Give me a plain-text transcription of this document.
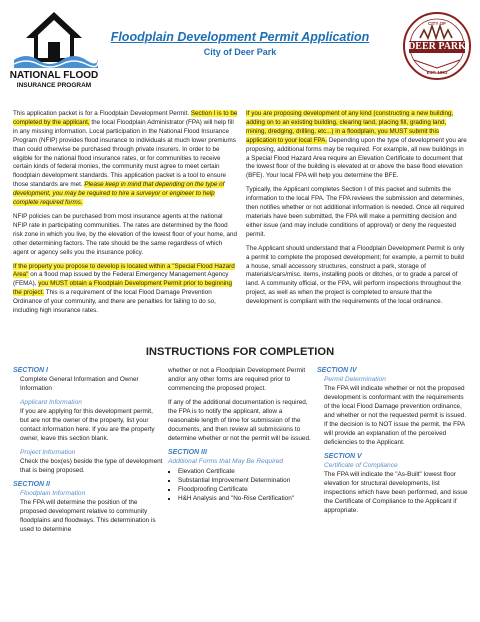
NATIONAL FLOOD
INSURANCE PROGRAM
Floodplain Development Permit Application
City of Deer Park
CITY OF
DEER PARK
EST. 1893

This application packet is for a Floodplain Development Permit. Section I is to be completed by the applicant, the local Floodplain Administrator (FPA) will help fill in any missing information. Local participation in the National Flood Insurance Program (NFIP) provides flood insurance to individuals at much lower premiums than could otherwise be purchased through private insurers. In order to be eligible for the national flood insurance rates, or for communities to receive certain kinds of federal monies, the community must agree to meet certain floodplain development standards. This application packet is a tool to ensure those standards are met. Please keep in mind that depending on the type of development, you may be required to hire a surveyor or engineer to help complete required forms.

NFIP policies can be purchased from most insurance agents at the national NFIP rate in participating communities. The rates are determined by the flood risk zone in which you live, by the elevation of the lowest floor of your home, and other determining factors. The rate should be the same regardless of which agent or agency sells you the insurance policy.

If the property you propose to develop is located within a "Special Flood Hazard Area" on a flood map issued by the Federal Emergency Management Agency (FEMA), you MUST obtain a Floodplain Development Permit prior to beginning the project. This is a requirement of the local Flood Damage Prevention Ordinance of your community, and there are penalties for failing to do so, including high insurance rates.

If you are proposing development of any kind (constructing a new building, adding on to an existing building, clearing land, placing fill, grading land, mining, dredging, drilling, etc...) in a floodplain, you MUST submit this application to your local FPA. Depending upon the type of development you are proposing, additional forms may be required. For example, all new buildings in a Special Flood Hazard Area require an Elevation Certificate to document that the lowest floor of the building is elevated at or above the base flood elevation (BFE). Your local FPA will help you determine the BFE.

Typically, the Applicant completes Section I of this packet and submits the information to the local FPA. The FPA reviews the submission and determines, then notifies whether or not additional information is needed. Once all required materials have been submitted, the FPA will make a permitting decision and either issue (and may include conditions of approval) or deny the requested permit.

The Applicant should understand that a Floodplain Development Permit is only a permit to complete the proposed development; for example, a permit to build a house, small accessory structures, construct a park, storage of materials/cars/misc. items, installing pools or ditches, or to grade a parcel of land. A community official, or the FPA, will perform inspections throughout the project, as well as when the project is completed to ensure that the development is compliant with the requirements of the local ordinance.

INSTRUCTIONS FOR COMPLETION

SECTION I

Complete General Information and Owner Information

Applicant Information

If you are applying for this development permit, but are not the owner of the property, list your contact information here. If you are the property owner, leave this section blank.

Project Information

Check the box(es) beside the type of development that is being proposed.

SECTION II

Floodplain Information

The FPA will determine the position of the proposed development relative to community floodplains and floodways. This determination is used to determine

whether or not a Floodplain Development Permit and/or any other forms are required prior to commencing the proposed project.

If any of the additional documentation is required, the FPA is to notify the applicant, allow a reasonable length of time for submission of the documents, and then review all submissions to determine whether or not the permit will be issued.

SECTION III

Additional Forms that May Be Required

▪ Elevation Certificate
▪ Substantial Improvement Determination
▪ Floodproofing Certificate
▪ H&H Analysis and "No-Rise Certification"

SECTION IV

Permit Determination

The FPA will indicate whether or not the proposed development is conformant with the requirements of the local Flood Damage prevention ordinance, and whether or not the requested permit is issued. If the decision is to NOT issue the permit, the FPA will provide an explanation of the perceived deficiencies to the Applicant.

SECTION V

Certificate of Compliance

The FPA will indicate the "As-Built" lowest floor elevation for structural developments, list inspections which have been performed, and issue the Certificate of Compliance to the Applicant if appropriate.
